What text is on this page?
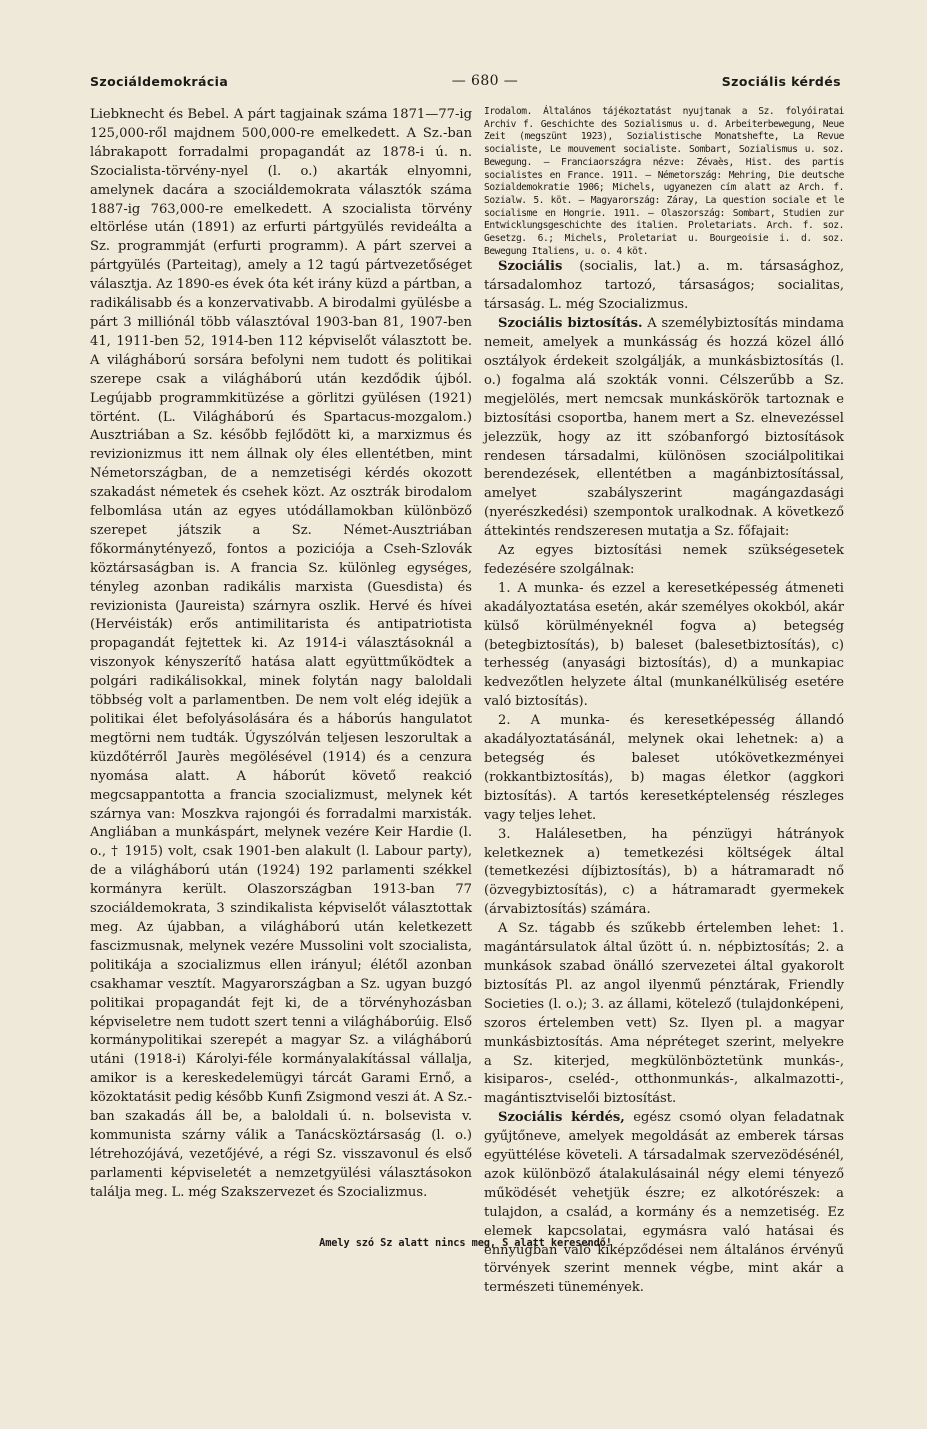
Szociáldemokrácia	— 680 —	Szociális kérdés

Liebknecht és Bebel. A párt tagjainak száma 1871—77-ig 125,000-ről majdnem 500,000-re emelkedett. A Sz.-ban lábrakapott forradalmi propagandát az 1878-i ú. n. Szocialista-törvény-nyel (l. o.) akarták elnyomni, amelynek dacára a szociáldemokrata választók száma 1887-ig 763,000-re emelkedett. A szocialista törvény eltörlése után (1891) az erfurti pártgyülés revideálta a Sz. programmját (erfurti programm). A párt szervei a pártgyülés (Parteitag), amely a 12 tagú pártvezetőséget választja. Az 1890-es évek óta két irány küzd a pártban, a radikálisabb és a konzervativabb. A birodalmi gyülésbe a párt 3 milliónál több választóval 1903-ban 81, 1907-ben 41, 1911-ben 52, 1914-ben 112 képviselőt választott be. A világháború sorsára befolyni nem tudott és politikai szerepe csak a világháború után kezdődik újból. Legújabb programmkitüzése a görlitzi gyülésen (1921) történt. (L. Világháború és Spartacus-mozgalom.) Ausztriában a Sz. később fejlődött ki, a marxizmus és revizionizmus itt nem állnak oly éles ellentétben, mint Németországban, de a nemzetiségi kérdés okozott szakadást németek és csehek közt. Az osztrák birodalom felbomlása után az egyes utódállamokban különböző szerepet játszik a Sz. Német-Ausztriában főkormánytényező, fontos a poziciója a Cseh-Szlovák köztársaságban is. A francia Sz. különleg egységes, tényleg azonban radikális marxista (Guesdista) és revizionista (Jaureista) szárnyra oszlik. Hervé és hívei (Hervéisták) erős antimilitarista és antipatriotista propagandát fejtettek ki. Az 1914-i választásoknál a viszonyok kényszerítő hatása alatt együttműködtek a polgári radikálisokkal, minek folytán nagy baloldali többség volt a parlamentben. De nem volt elég idejük a politikai élet befolyásolására és a háborús hangulatot megtörni nem tudták. Úgyszólván teljesen leszorultak a küzdőtérről Jaurès megölésével (1914) és a cenzura nyomása alatt. A háborút követő reakció megcsappantotta a francia szocializmust, melynek két szárnya van: Moszkva rajongói és forradalmi marxisták. Angliában a munkáspárt, melynek vezére Keir Hardie (l. o., † 1915) volt, csak 1901-ben alakult (l. Labour party), de a világháború után (1924) 192 parlamenti székkel kormányra került. Olaszországban 1913-ban 77 szociáldemokrata, 3 szindikalista képviselőt választottak meg. Az újabban, a világháború után keletkezett fascizmusnak, melynek vezére Mussolini volt szocialista, politikája a szocializmus ellen irányul; élétől azonban csakhamar vesztít. Magyarországban a Sz. ugyan buzgó politikai propagandát fejt ki, de a törvényhozásban képviseletre nem tudott szert tenni a világháborúig. Első kormánypolitikai szerepét a magyar Sz. a világháború utáni (1918-i) Károlyi-féle kormányalakítással vállalja, amikor is a kereskedelemügyi tárcát Garami Ernő, a közoktatásit pedig később Kunfi Zsigmond veszi át. A Sz.-ban szakadás áll be, a baloldali ú. n. bolsevista v. kommunista szárny válik a Tanácsköztársaság (l. o.) létrehozójává, vezetőjévé, a régi Sz. visszavonul és első parlamenti képviseletét a nemzetgyülési választásokon találja meg. L. még Szakszervezet és Szocializmus.

Irodalom. Általános tájékoztatást nyujtanak a Sz. folyóiratai Archiv f. Geschichte des Sozialismus u. d. Arbeiterbewegung, Neue Zeit (megszünt 1923), Sozialistische Monatshefte, La Revue socialiste, Le mouvement socialiste. Sombart, Sozialismus u. soz. Bewegung. — Franciaországra nézve: Zévaès, Hist. des partis socialistes en France. 1911. — Németország: Mehring, Die deutsche Sozialdemokratie 1906; Michels, ugyanezen cím alatt az Arch. f. Sozialw. 5. köt. — Magyarország: Záray, La question sociale et le socialisme en Hongrie. 1911. — Olaszország: Sombart, Studien zur Entwicklungsgeschichte des italien. Proletariats. Arch. f. soz. Gesetzg. 6.; Michels, Proletariat u. Bourgeoisie i. d. soz. Bewegung Italiens, u. o. 4 köt.

Szociális (socialis, lat.) a. m. társasághoz, társadalomhoz tartozó, társaságos; socialitas, társaság. L. még Szocializmus.

Szociális biztosítás. A személybiztosítás mindama nemeit, amelyek a munkásság és hozzá közel álló osztályok érdekeit szolgálják, a munkásbiztosítás (l. o.) fogalma alá szokták vonni. Célszerűbb a Sz. megjelölés, mert nemcsak munkáskörök tartoznak e biztosítási csoportba, hanem mert a Sz. elnevezéssel jelezzük, hogy az itt szóbanforgó biztosítások rendesen társadalmi, különösen szociálpolitikai berendezések, ellentétben a magánbiztosítással, amelyet szabályszerint magángazdasági (nyerészkedési) szempontok uralkodnak. A következő áttekintés rendszeresen mutatja a Sz. főfajait:

Az egyes biztosítási nemek szükségesetek fedezésére szolgálnak:

1. A munka- és ezzel a keresetképesség átmeneti akadályoztatása esetén, akár személyes okokból, akár külső körülményeknél fogva a) betegség (betegbiztosítás), b) baleset (balesetbiztosítás), c) terhesség (anyasági biztosítás), d) a munkapiac kedvezőtlen helyzete által (munkanélküliség esetére való biztosítás).

2. A munka- és keresetképesség állandó akadályoztatásánál, melynek okai lehetnek: a) a betegség és baleset utókövetkezményei (rokkantbiztosítás), b) magas életkor (aggkori biztosítás). A tartós keresetképtelenség részleges vagy teljes lehet.

3. Halálesetben, ha pénzügyi hátrányok keletkeznek a) temetkezési költségek által (temetkezési díjbiztosítás), b) a hátramaradt nő (özvegybiztosítás), c) a hátramaradt gyermekek (árvabiztosítás) számára.

A Sz. tágabb és szűkebb értelemben lehet: 1. magántársulatok által űzött ú. n. népbiztosítás; 2. a munkások szabad önálló szervezetei által gyakorolt biztosítás Pl. az angol ilyenmű pénztárak, Friendly Societies (l. o.); 3. az állami, kötelező (tulajdonképeni, szoros értelemben vett) Sz. Ilyen pl. a magyar munkásbiztosítás. Ama népréteget szerint, melyekre a Sz. kiterjed, megkülönböztetünk munkás-, kisiparos-, cseléd-, otthonmunkás-, alkalmazotti-, magántisztviselői biztosítást.

Szociális kérdés, egész csomó olyan feladatnak gyűjtőneve, amelyek megoldását az emberek társas együttélése követeli. A társadalmak szervezödésénél, azok különböző átalakulásainál négy elemi tényező működését vehetjük észre; ez alkotórészek: a tulajdon, a család, a kormány és a nemzetiség. Ez elemek kapcsolatai, egymásra való hatásai és ennyugban való kiképződései nem általános érvényű törvények szerint mennek végbe, mint akár a természeti tünemények.

Amely szó Sz alatt nincs meg, S alatt keresendő!
